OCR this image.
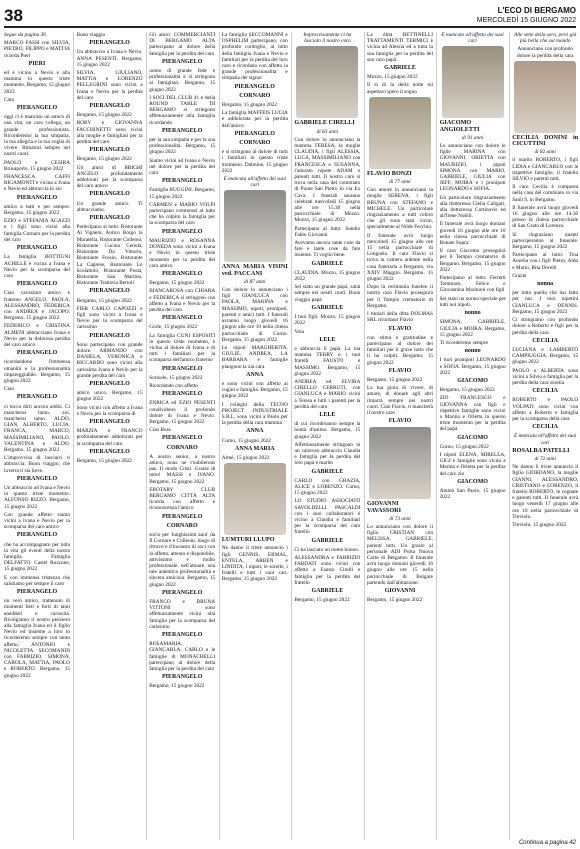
38	L'ECO DI BERGAMO
MERCOLEDÌ 15 GIUGNO 2022

Segue da pagina 36

MARCO FASSI con SILVIA, PIETRO, FILIPPO e MATTIA ricorda Pieri

PIERI

ed è vicino a Nevio e alla mamma in questo triste momento. Bergamo, 15 giugno 2022

Caro

PIERANGELO

oggi ci è mancato un amico di una vita, un caro collega, un grande professionista. Ricorderemo la tua simpatia, la tua allegria e la tua voglia di vivere. Rimarrai sempre nei nostri cuori.

PAOLO e CESIRA Brusaporto, 15 giugno 2022

FRANCESCA CAFFI RIGAMONTI è vicina a Ivana e Nevio ed abbraccia lo zio

PIERANGELO

amico a tutti e per sempre. Bergamo, 15 giugno 2022

EZIO e STEFANIA AGAZZI e i figli sono vicini alla famiglia Cornaro per la perdita del caro

PIERANGELO

La famiglia BOTTIGNI ACHILLE è vicina a Ivana e Nevio per la scomparsa del caro

PIERANGELO

Ciao carissimo amico e fraterno ANGELO, PAOLA, ALESSANDRO, FEDERICA con ANDREA e JACOPO. Bergamo, 15 giugno 2022

FEDERICO e CRISTINA ALMENI abbracciano Ivana e Nevio per la dolorosa perdita del caro amico

PIERANGELO

ricordandone l'immensa umanità e la professionalità impareggiabile. Bergamo, 15 giugno 2022

Ciao

PIERANGELO

ci tocca dirti ancora addio. Ci mancherai tanto, zio, mancherai tanto. ALDO, GIAN, ALBERTO, LUCIA, FRANCA, MARCO, MASSIMILIANO, PAOLO, VALENTINA e ALDO. Bergamo, 15 giugno 2022

L'improvvisa di lasciarci ti abbraccia. Buon viaggio, che la terra ti sia lieve.

PIERANGELO

Un abbraccio ad Ivana e Nevio in questo triste momento. ALFONSO RIZZO. Bergamo, 15 giugno 2022

Con grande affetto siamo vicini a Ivana e Nevio per la scomparsa del caro amico

PIERANGELO

che ha accompagnato per tutta la vita gli eventi della nostra famiglia. Famiglia DELFATTO. Castel Rozzone, 15 giugno 2022

E con immensa tristezza che salutiamo per sempre il caro

PIERANGELO

un vero amico, trattenuto di momenti lieti e forti di tanti aneddoti e curiosità. Rivolgiamo il nostro pensiero alla famiglia Ivana ed il figlio Nevio ed insieme a loro lo ricorderemo sempre con tanto affetto. ANTONIO e NICOLETTA SECOMANDI con FABRIZIO, SIMONA, CAROLA, MATTIA, PAOLO e ROBERTO. Bergamo, 15 giugno 2022

Buon viaggio

PIERANGELO

Un abbraccio a Ivana e Nevio. ANNA PESENTI. Bergamo, 15 giugno 2022

SILVIA, GIULIANO, MATTIA e LORENZO PELLEGRINI sono vicini a Ivana e Nevio per la perdita del caro

PIERANGELO

Bergamo, 15 giugno 2022

BOBY e GIOVANNA FACCHINETTI sono vicini alla moglie e famigliari per la perdita del caro

PIERANGELO

Bergamo, 15 giugno 2022

Gli amici di BRIGHI ANGELO profondamente addolorati per la scomparsa del caro amico

PIERANGELO

Un grande amico. Ti abbracciamo.

PIERANGELO

Partecipano al lutto: Ristorante Al Vigneto, Antico Borgo la Muratella, Ristorante Colleoni, Ristorante Cucina Cereda, Ristorante Da Vittorio, Ristorante Frosio, Ristorante La Caprese, Ristorante Lo Scoiattolo, Ristorante Posta, Ristorante San Martino, Ristorante Trattoria Bertoli

PIERANGELO

Bergamo, 15 giugno 2022

FIER CARLO CAPOZZI e figli sono vicini a Ivana e Nevio per la scomparsa del carissimo

PIERANGELO

Sono partecipano con grande dolore. ARMANDO con DANIELA, VERONICA e RICCARDO sono vicini alla carissima Ivana e Nevio per la grande perdita del caro

PIERANGELO

amico unico. Bergamo, 15 giugno 2022

Sono vicini con affetto a Ivana e Nevio per la scomparsa di

PIERANGELO

MARZIA e FRANCO profondamente addolorati per la scomparsa del caro

PIERANGELO

Bergamo, 15 giugno 2022

Gli amici COMMERCIANTI DI BERGAMO ALTA partecipano al dolore della famiglia per la perdita del caro

PIERANGELO

uomo di grande fede e professionalità e si stringono ai famigliari. Bergamo, 15 giugno 2022

I SOCI DEL CLUB 41 e della ROUND TABLE DI BERGAMO si stringono affettuosamente alla famiglia ricordando

PIERANGELO

per la sua simpatia e per la sua professionalità. Bergamo, 15 giugno 2022

Siamo vicini ad Ivana e Nevio nel dolore per la perdita del caro

PIERANGELO

Famiglia BUGGINI. Bergamo, 15 giugno 2022

CARMEN e MARIO VOLPI partecipano commossi al lutto che ha colpito la famiglia per la scomparsa del caro

PIERANGELO

MAURIZIO e ROSANNA DONEDA sono vicini a Ivana e Nevio in questo triste momento per la perdita del caro amico

PIERANGELO

Bergamo, 15 giugno 2022

BIANCAROSA con CHIARA e FEDERICA si stringono con affetto a Ivana e Nevio per la perdita del caro

PIERANGELO

Gorle, 15 giugno 2022

La famiglia CUNI ESPOSITI in questo triste momento, è vicina al dolore di Ivana e di tutti i familiari per la scomparsa dell'amico fraterno

PIERANGELO

Sorisole, 15 giugno 2022

Ricordando con affetto

PIERANGELO

ENRICA ed EZIO PESENTI condividono il profondo dolore di Ivana e Nevio. Bergamo, 15 giugno 2022

Ciao Boss

PIERANGELO

CORNARO

A nostro senior, a nostro amico, nous ne t'oublierons pas. Il modo Cristi. Grazie di tutto! MASSI e IVANO. Bergamo, 15 giugno 2022

EBOTARY CLUB BERGAMO CITTÀ ALTA ricorda con affetto e riconoscenza l'amico

PIERANGELO

CORNARO

socio per 'lunghissimi anni' da Il Cornaro e Colleoni, luogo di ritrovo e d'incontro di soci con la affetto, attento e disponibile, attivissimo e molto professionale nell'attuare una tale autentica professionalità e sincera amicizia. Bergamo, 15 giugno 2022

PIERANGELO

FRANCO e BRUNA VITTONI sono affettuosamente vicini alla famiglia per la scomparsa del carissimo

PIERANGELO

ROSAMARIA, GIANCARLA, CARLO e le famiglie di MONACHELLI partecipano al dolore della famiglia per la perdita del caro

PIERANGELO

Bergamo, 15 giugno 2022

La famiglia SECCOMANNI e OSPHELIM partecipano, con profondo cordoglio, al lutto della famiglia Ivana e Nevio e familiari per la perdita del loro caro e ricordano con affetto la grande professionalità e simpatia del signor

PIERANGELO

CORNARO

Bergamo, 15 giugno 2022

La famiglia MAFFEIS LUCIA è addolorata per la perdita dell'amico

PIERANGELO

CORNARO

e si stringono al dolore di tutti i familiari in questo triste momento. Dalmine, 15 giugno 2022

È mancata all'affetto dei suoi cari

ANNA MARIA VISINI ved. PACCANI

di 87 anni

Con dolore lo annunciano i figli GIANLUCA con PAOLA, MARINA e MASSIMO, nipoti, pronipoti, parenti e amici tutti. I funerali avranno luogo giovedì 16 giugno alle ore 10 nella chiesa parrocchiale di Curno. Bergamo, 15 giugno 2022

Le nipoti MARGHERITA, GIULIE, ANDREA, LA BARBARA e famiglie piangono la zia cara

ANNA

e sono vicini con affetto ai cugini e famiglia. Bergamo, 15 giugno 2022

I colleghi della TECNO PROJECT INDUSTRIALE S.R.L. sono vicini a Paolo per la perdita della cara mamma

ANNA

Curno, 15 giugno 2022

ANNA MARIA

Almè, 15 giugno 2022

LUMTURI LLUPO

Ne danno il triste annuncio i figli GENNIS, ERMAL, ENTELA, ARBEN e LINDITA, i nipoti, le sorelle, i fratelli e tutti i suoi cari. Bergamo, 15 giugno 2022

Improvvisamente ci ha lasciato il nostro caro

GABRIELE CIRELLI

di 63 anni

Con dolore lo annunciano la mamma TERESA, la moglie CLAUDIA, i figli ALESSIA, LUCA, MASSIMILIANO con FRANCESCA e SUSANNA, l'adorato nipote ADAM e parenti tutti. Il nostro caro si trova nella casa del commiato di Ponte San Pietro in via Ex Cava. I funerali saranno celebrati mercoledì 15 giugno alle ore 15.30 nella parrocchiale di Mozzo. Mozzo, 15 giugno 2022

Partecipano al lutto: Sandro Fabio Giovanni

Avevamo ancora tante cose da fare e tante cose da fare insieme. Ti voglio bene.

GABRIELE

CLAUDIA. Mozzo, 15 giugno 2022

Sei stato un grande papà, sarai sempre nei nostri cuori. Buon viaggio papà

GABRIELE

I tuoi figli. Mozzo, 15 giugno 2022

Vola

LELE

e abbraccia il papà. La tua mamma TERRY e i tuoi fratelli FAUSTO e MASSIMO. Bergamo, 15 giugno 2022

ANDREA ed ELVIRA CIRELLO CERRUTI, con GIANLUCA e MARIO vicini a Teresa e tutti i parenti per la perdita del caro

LELE

di cui ricorderanno sempre la bontà d'animo. Bergamo, 15 giugno 2022

Affettuosamente stringono in un caloroso abbraccio Claudia e famiglia per la perdita del loro papà e marito

GABRIELE

CARLO con GRAZIA, ALICE e LORENZO. Curno, 15 giugno 2022

LO STUDIO ASSOCIATO SAVOLDELLI PASCALDI con i suoi collaboratori è vicino a Claudia e familiari per la scomparsa del caro fratello

GABRIELE

Ci ha lasciato un uomo buono.

ALESSANDRA e FABRIZIO FARDATI sono vicini con affetto a Fausto Cirelli e famiglia per la perdita del fratello

GABRIELE

Bergamo, 15 giugno 2022

La ditta BETTINELLI TRATTAMENTI TERMICI è vicina ad Alessia ed a tutta la sua famiglia per la perdita del suo caro papà

GABRIELE

Mozzo, 15 giugno 2022

Il sì di la della notte mi aspettavi spero il sogno

FLAVIO BONZI

di 77 anni

Con amore lo annunciano la moglie SERENA, i figli BRUNA con STEFANO e MICHELE. Un particolare ringraziamento a tutti coloro che gli sono stati vicini, specialmente al Nilde Fecchio.

Il funerale avrà luogo mercoledì 15 giugno alle ore 15 nella parrocchiale di Longuelo. Il caro Flavio si trova in camera ardente nella casa funeraria a Bergamo, via XXIV Maggio. Bergamo, 15 giugno 2022

Dopo la cerimonia funebre il nostro caro Flavio proseguirà per il Tempio crematorio di Bergamo.

I titolari della ditta DOLMAS SRL ricordano Flavio

FLAVIO

con stima e gratitudine e partecipano al dolore dei familiari per il grave lutto che li ha colpiti. Bergamo, 15 giugno 2022

FLAVIO

Bergamo, 15 giugno 2022

La tua gioia di vivere, di amare, di donare agli altri rimarrà sempre nei nostri cuori. Ciao Flavio, ti mancherà il nostro caro

FLAVIO

GIOVANNI VAVASSORI

di 73 anni

Lo annunciano con dolore il figlio CRISTIAN con MELISSA, GABRIELE, parenti tutti. Un grazie al personale ADI Porta Nuova Corte di Bergamo. Il funerale avrà luogo domani giovedì 16 giugno alle ore 15 nella parrocchiale di Bolgare partendo dall'abitazione.

GIOVANNI

Bergamo, 15 giugno 2022

È mancato all'affetto dei suoi cari

GIACOMO ANGIOLETTI

di 91 anni

Lo annunciano con dolore le figlie MARINA con GIOVANNI, ORIETTA con MAURIZIO, i nipoti SIMONA con MARIO, GABRIELE, GIULIA con JEFF, MOIRA e i pronipoti LEONARDO e SOFIA.

Un particolare ringraziamento alla dottoressa Clelia Caligari, alla dottoressa Cortinovis ed all'Irene Nobili.

Il funerale avrà luogo domani giovedì 16 giugno alle ore 10 nella chiesa parrocchiale di Bonate Sopra.

Il caro Giacomo proseguirà per il Tempio crematorio di Bergamo. Bergamo, 15 giugno 2022

Partecipano al lutto: Ferretti Tommaso, Felice e Giovannina Marinoni con figli

Sei stato un nonno speciale per tutti noi nipoti.

nonno

SIMONA, GABRIELE, GIULIA e MOIRA. Bergamo, 15 giugno 2022

Ti ricorderemo sempre

nonno

I tuoi pronipoti LEONARDO e SOFIA. Bergamo, 15 giugno 2022

GIACOMO

Bergamo, 15 giugno 2022

ZIO FRANCESCO e GIOVANNA con figli e rispettive famiglie sono vicini a Marina e Orietta in questo triste momento per la perdita del papà

GIACOMO

Curno, 15 giugno 2022

I nipoti ELENA, MIRELLA, GIGI e famiglie sono vicini a Marina e Orietta per la perdita del caro zio

GIACOMO

Ammò San Paolo, 15 giugno 2022

Alle sette della sera, però già più bella che sul mondo

Annunciano con profondo dolore la perdita della cara

CECILIA DONINI in CICUTTINI

di 82 anni

il marito ROBERTO, i figli LIDIA e GIANCARLO con le rispettive famiglie, il fratello SILVIO e parenti tutti.

Il caro Cecilia è composta nella casa del commiato in via Sauli 9, in Bergamo.

Il funerale avrà luogo giovedì 16 giugno alle ore 14.30 presso la chiesa parrocchiale di San Grato di Lorenzo.

Si ringraziano quanti parteciperanno al funerale. Bergamo, 15 giugno 2022

Partecipano al lutto: Tina Aurelia con i figli Pietro, Aldo e Mario, Rita Dorelli

Grazie

nonna

per tutto quello che hai fatto per noi. I tuoi nipotini GIANLUCA e DENNIS. Bergamo, 15 giugno 2022

Ci stringiamo con profondo dolore a Roberto e figli per la perdita della cara

CECILIA

LUCIANA e LAMBERTO CAMPIUGGIA. Bergamo, 15 giugno 2022

PAOLO e ALBERTA sono vicini a Silvio e famiglia per la perdita della cara sorella

CECILIA

ROBERTO e PAOLO VOLPATI sono vicini con affetto a Roberto e famiglia per la scomparsa della cara

CECILIA

È mancata all'affetto dei suoi cari

ROSALBA PATELLI

di 72 anni

Ne danno il triste annuncio il figlio GIORDANO, la moglie GIANNI, ALESSANDRO, CRISTIANO e LORENZO, il fratello ROBERTO, le cognate e parenti tutti. Il funerale avrà luogo venerdì 17 giugno alle ore 10 nella parrocchiale di Treviolo.

Treviolo, 15 giugno 2022

Continua a pagina 42
